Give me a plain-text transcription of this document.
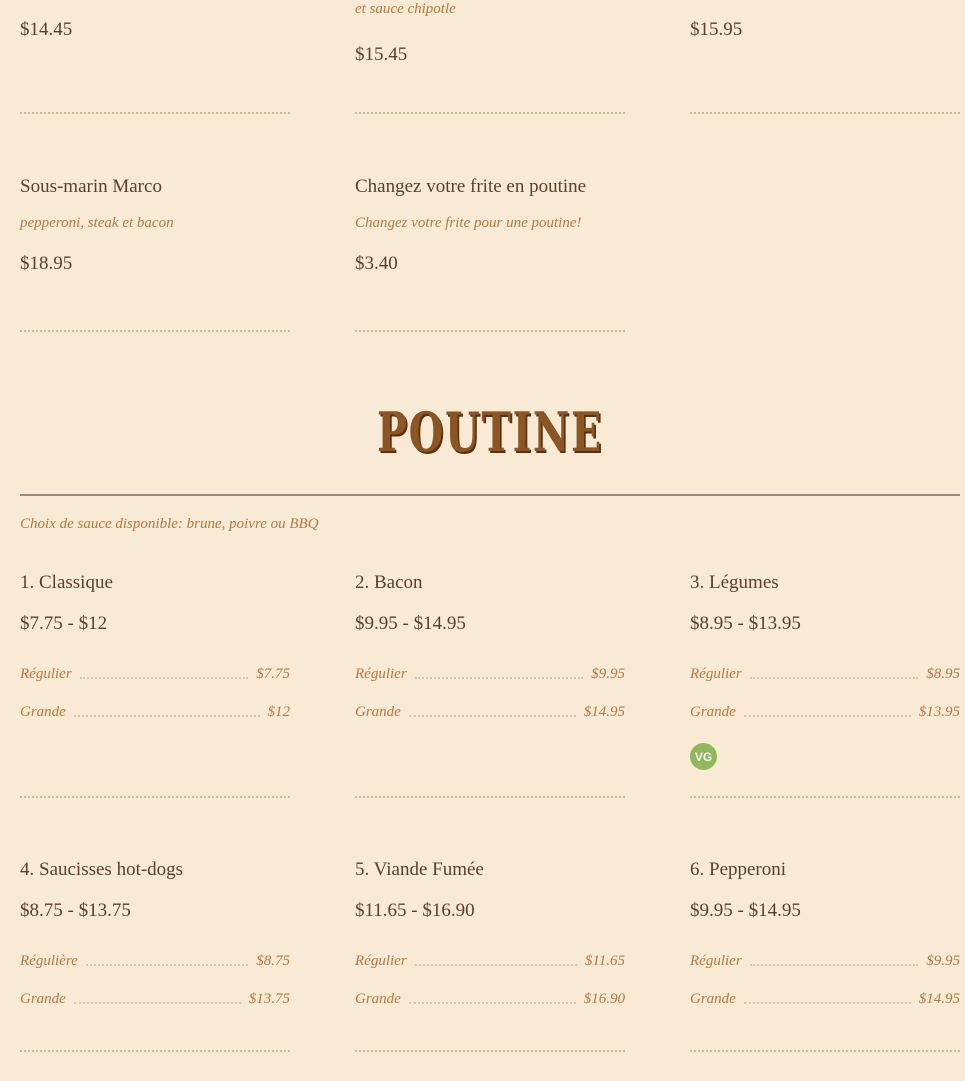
$14.45
et sauce chipotle
$15.45
$15.95
Sous-marin Marco
pepperoni, steak et bacon
$18.95
Changez votre frite en poutine
Changez votre frite pour une poutine!
$3.40
POUTINE
Choix de sauce disponible: brune, poivre ou BBQ
1. Classique
$7.75 - $12
Régulier	$7.75
Grande	$12
2. Bacon
$9.95 - $14.95
Régulier	$9.95
Grande	$14.95
3. Légumes
$8.95 - $13.95
Régulier	$8.95
Grande	$13.95
VG
4. Saucisses hot-dogs
$8.75 - $13.75
Régulière	$8.75
Grande	$13.75
5. Viande Fumée
$11.65 - $16.90
Régulier	$11.65
Grande	$16.90
6. Pepperoni
$9.95 - $14.95
Régulier	$9.95
Grande	$14.95
